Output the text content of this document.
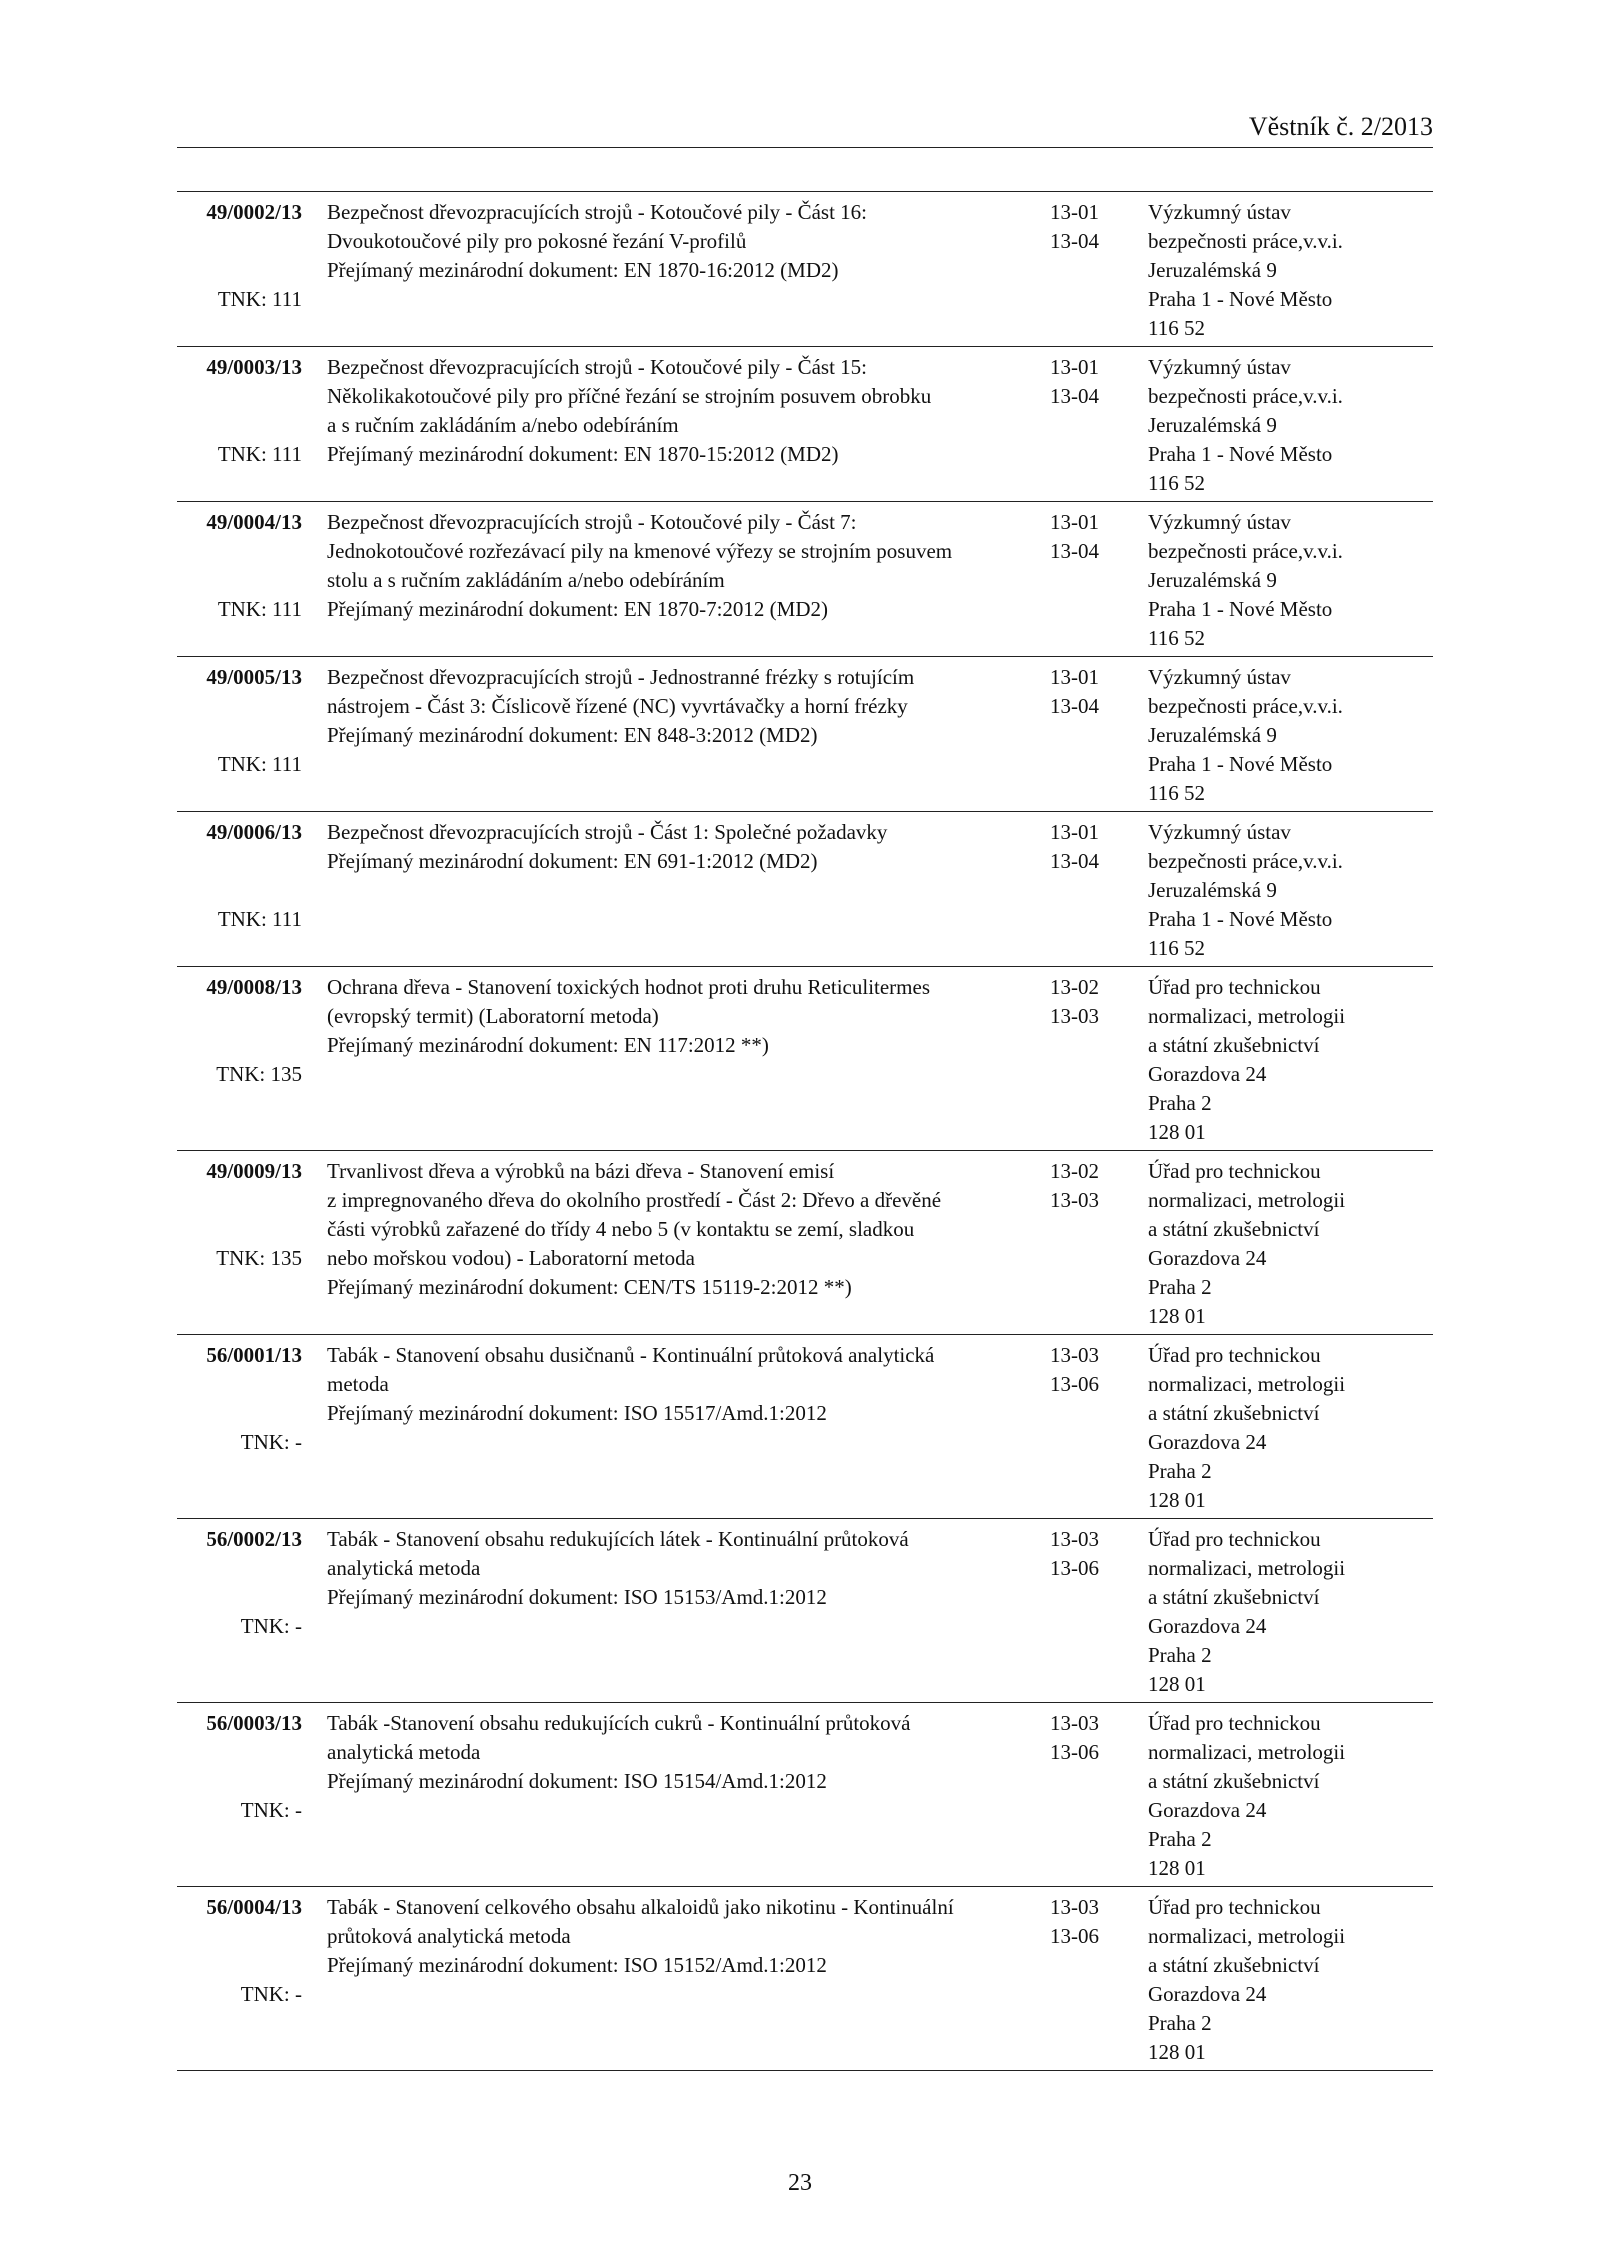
Věstník č. 2/2013
49/0002/13
TNK: 111
Bezpečnost dřevozpracujících strojů - Kotoučové pily - Část 16:
Dvoukotoučové pily pro pokosné řezání V-profilů
Přejímaný mezinárodní dokument: EN 1870-16:2012 (MD2)
13-01
13-04
Výzkumný ústav
bezpečnosti práce,v.v.i.
Jeruzalémská 9
Praha 1 - Nové Město
116 52
49/0003/13
TNK: 111
Bezpečnost dřevozpracujících strojů - Kotoučové pily - Část 15:
Několikakotoučové pily pro příčné řezání se strojním posuvem obrobku
a s ručním zakládáním a/nebo odebíráním
Přejímaný mezinárodní dokument: EN 1870-15:2012 (MD2)
13-01
13-04
Výzkumný ústav
bezpečnosti práce,v.v.i.
Jeruzalémská 9
Praha 1 - Nové Město
116 52
49/0004/13
TNK: 111
Bezpečnost dřevozpracujících strojů - Kotoučové pily - Část 7:
Jednokotoučové rozřezávací pily na kmenové výřezy se strojním posuvem
stolu a s ručním zakládáním a/nebo odebíráním
Přejímaný mezinárodní dokument: EN 1870-7:2012 (MD2)
13-01
13-04
Výzkumný ústav
bezpečnosti práce,v.v.i.
Jeruzalémská 9
Praha 1 - Nové Město
116 52
49/0005/13
TNK: 111
Bezpečnost dřevozpracujících strojů - Jednostranné frézky s rotujícím
nástrojem - Část 3: Číslicově řízené (NC) vyvrtávačky a horní frézky
Přejímaný mezinárodní dokument: EN 848-3:2012 (MD2)
13-01
13-04
Výzkumný ústav
bezpečnosti práce,v.v.i.
Jeruzalémská 9
Praha 1 - Nové Město
116 52
49/0006/13
TNK: 111
Bezpečnost dřevozpracujících strojů - Část 1: Společné požadavky
Přejímaný mezinárodní dokument: EN 691-1:2012 (MD2)
13-01
13-04
Výzkumný ústav
bezpečnosti práce,v.v.i.
Jeruzalémská 9
Praha 1 - Nové Město
116 52
49/0008/13
TNK: 135
Ochrana dřeva - Stanovení toxických hodnot proti druhu Reticulitermes
(evropský termit) (Laboratorní metoda)
Přejímaný mezinárodní dokument: EN 117:2012 **)
13-02
13-03
Úřad pro technickou
normalizaci, metrologii
a státní zkušebnictví
Gorazdova 24
Praha 2
128 01
49/0009/13
TNK: 135
Trvanlivost dřeva a výrobků na bázi dřeva - Stanovení emisí
z impregnovaného dřeva do okolního prostředí - Část 2: Dřevo a dřevěné
části výrobků zařazené do třídy 4 nebo 5 (v kontaktu se zemí, sladkou
nebo mořskou vodou) - Laboratorní metoda
Přejímaný mezinárodní dokument: CEN/TS 15119-2:2012 **)
13-02
13-03
Úřad pro technickou
normalizaci, metrologii
a státní zkušebnictví
Gorazdova 24
Praha 2
128 01
56/0001/13
TNK: -
Tabák - Stanovení obsahu dusičnanů - Kontinuální průtoková analytická
metoda
Přejímaný mezinárodní dokument: ISO 15517/Amd.1:2012
13-03
13-06
Úřad pro technickou
normalizaci, metrologii
a státní zkušebnictví
Gorazdova 24
Praha 2
128 01
56/0002/13
TNK: -
Tabák - Stanovení obsahu redukujících látek - Kontinuální průtoková
analytická metoda
Přejímaný mezinárodní dokument: ISO 15153/Amd.1:2012
13-03
13-06
Úřad pro technickou
normalizaci, metrologii
a státní zkušebnictví
Gorazdova 24
Praha 2
128 01
56/0003/13
TNK: -
Tabák -Stanovení obsahu redukujících cukrů - Kontinuální průtoková
analytická metoda
Přejímaný mezinárodní dokument: ISO 15154/Amd.1:2012
13-03
13-06
Úřad pro technickou
normalizaci, metrologii
a státní zkušebnictví
Gorazdova 24
Praha 2
128 01
56/0004/13
TNK: -
Tabák - Stanovení celkového obsahu alkaloidů jako nikotinu - Kontinuální
průtoková analytická metoda
Přejímaný mezinárodní dokument: ISO 15152/Amd.1:2012
13-03
13-06
Úřad pro technickou
normalizaci, metrologii
a státní zkušebnictví
Gorazdova 24
Praha 2
128 01
23
